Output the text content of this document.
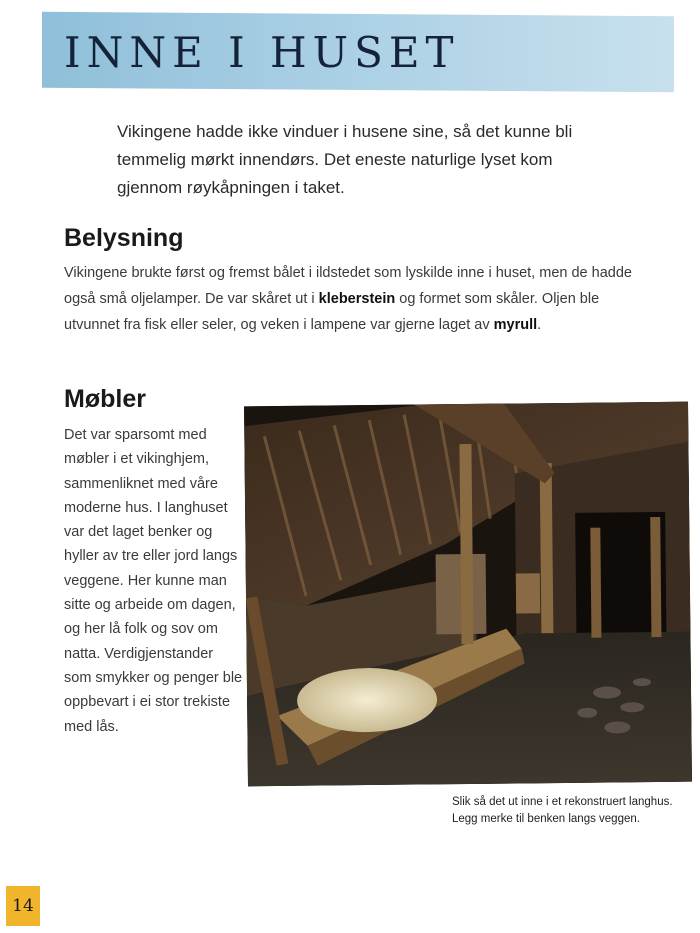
INNE I HUSET

Vikingene hadde ikke vinduer i husene sine, så det kunne bli temmelig mørkt innendørs. Det eneste naturlige lyset kom gjennom røykåpningen i taket.

Belysning

Vikingene brukte først og fremst bålet i ildstedet som lyskilde inne i huset, men de hadde også små oljelamper. De var skåret ut i kleberstein og formet som skåler. Oljen ble utvunnet fra fisk eller seler, og veken i lampene var gjerne laget av myrull.

Møbler

Det var sparsomt med møbler i et vikinghjem, sammenliknet med våre moderne hus. I langhuset var det laget benker og hyller av tre eller jord langs veggene. Her kunne man sitte og arbeide om dagen, og her lå folk og sov om natta. Verdigjenstander som smykker og penger ble oppbevart i ei stor trekiste med lås.

Slik så det ut inne i et rekonstruert langhus. Legg merke til benken langs veggen.

14
